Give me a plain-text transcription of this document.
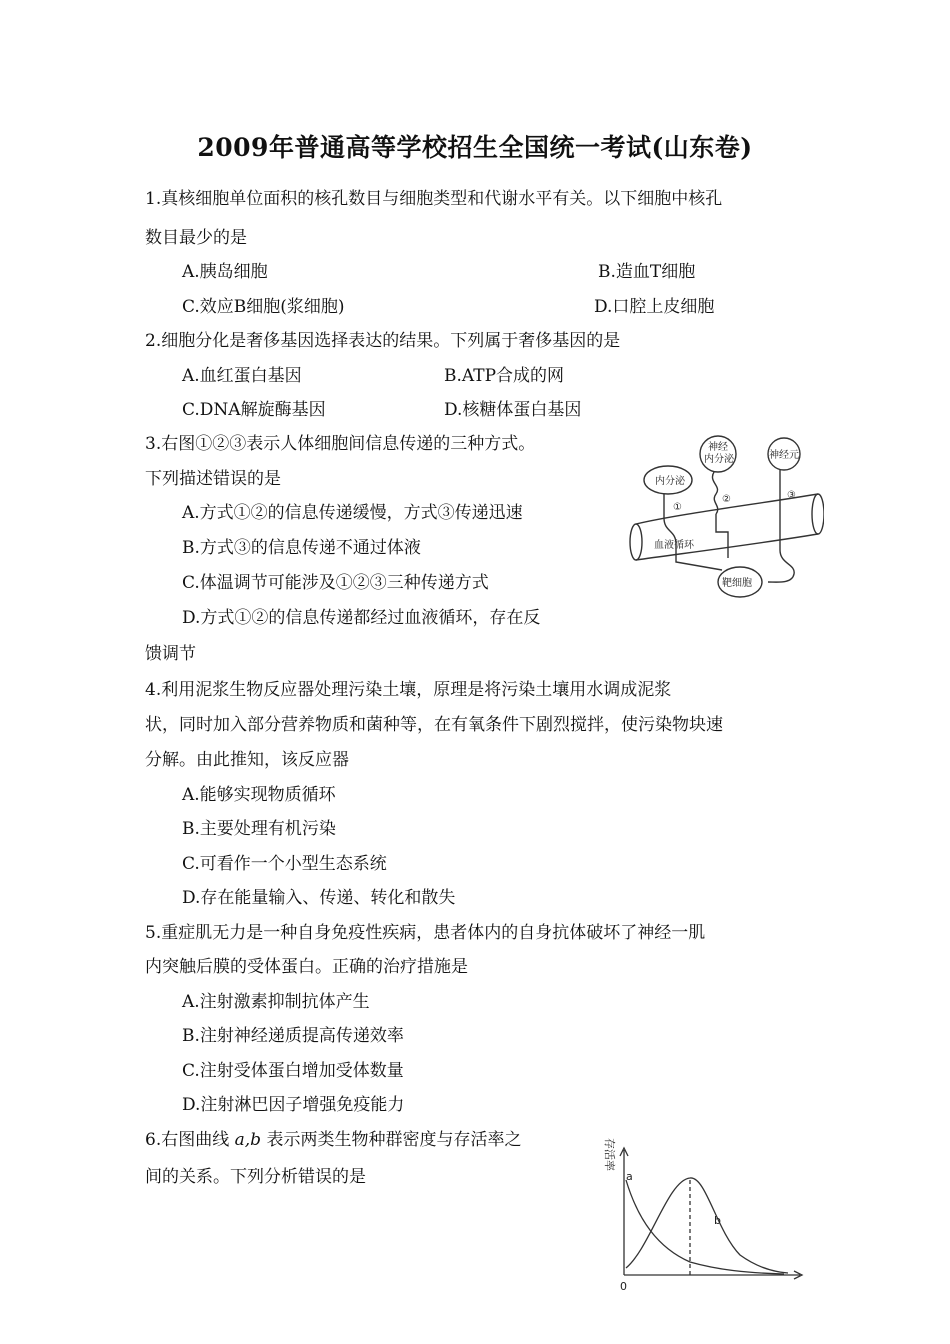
2009年普通高等学校招生全国统一考试(山东卷)
1.真核细胞单位面积的核孔数目与细胞类型和代谢水平有关。以下细胞中核孔
数目最少的是
A.胰岛细胞	B.造血T细胞
C.效应B细胞(浆细胞)	D.口腔上皮细胞
2.细胞分化是奢侈基因选择表达的结果。下列属于奢侈基因的是
A.血红蛋白基因	B.ATP合成的网
C.DNA解旋酶基因	D.核糖体蛋白基因
3.右图①②③表示人体细胞间信息传递的三种方式。
下列描述错误的是
A.方式①②的信息传递缓慢，方式③传递迅速
B.方式③的信息传递不通过体液
C.体温调节可能涉及①②③三种传递方式
D.方式①②的信息传递都经过血液循环，存在反
馈调节
内分泌
神经
内分泌	神经元
血液循环
靶细胞
①
②	③
4.利用泥浆生物反应器处理污染土壤，原理是将污染土壤用水调成泥浆
状，同时加入部分营养物质和菌种等，在有氧条件下剧烈搅拌，使污染物块速
分解。由此推知，该反应器
A.能够实现物质循环
B.主要处理有机污染
C.可看作一个小型生态系统
D.存在能量输入、传递、转化和散失
5.重症肌无力是一种自身免疫性疾病，患者体内的自身抗体破坏了神经一肌
内突触后膜的受体蛋白。正确的治疗措施是
A.注射激素抑制抗体产生
B.注射神经递质提高传递效率
C.注射受体蛋白增加受体数量
D.注射淋巴因子增强免疫能力
6.右图曲线 a,b 表示两类生物种群密度与存活率之
间的关系。下列分析错误的是
存活率
a
b
0
